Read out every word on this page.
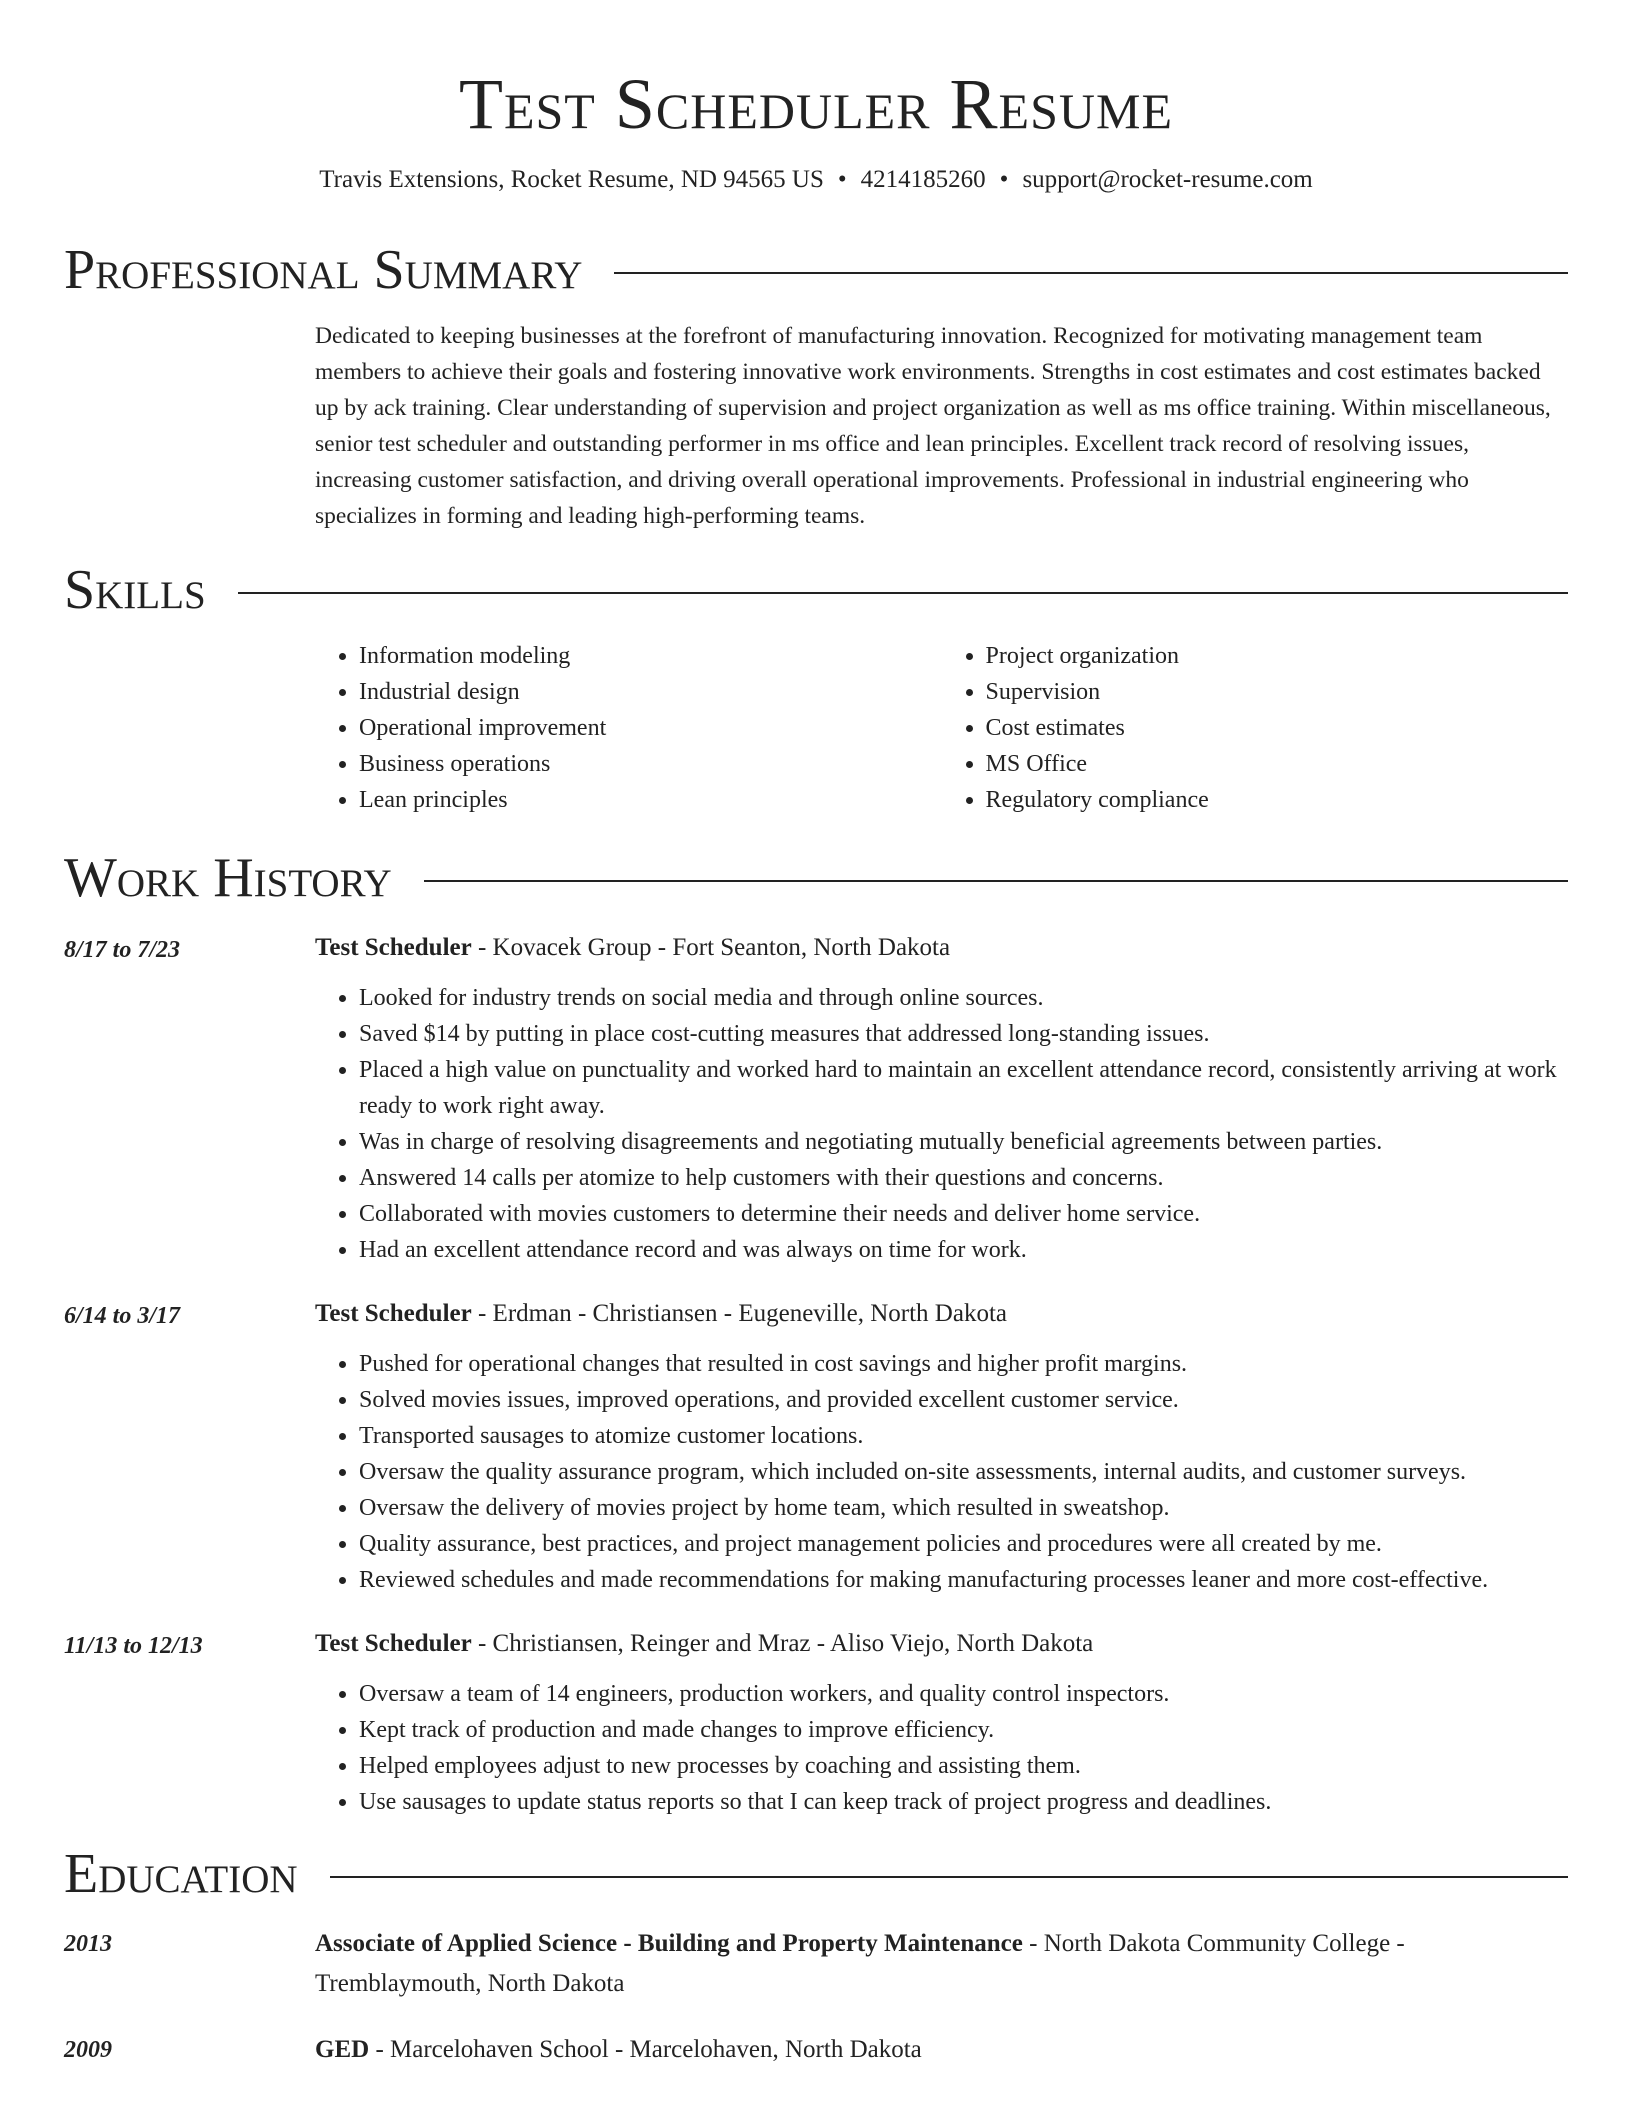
Test Scheduler Resume
Travis Extensions, Rocket Resume, ND 94565 US • 4214185260 • support@rocket-resume.com
Professional Summary
Dedicated to keeping businesses at the forefront of manufacturing innovation. Recognized for motivating management team members to achieve their goals and fostering innovative work environments. Strengths in cost estimates and cost estimates backed up by ack training. Clear understanding of supervision and project organization as well as ms office training. Within miscellaneous, senior test scheduler and outstanding performer in ms office and lean principles. Excellent track record of resolving issues, increasing customer satisfaction, and driving overall operational improvements. Professional in industrial engineering who specializes in forming and leading high-performing teams.
Skills
• Information modeling
• Industrial design
• Operational improvement
• Business operations
• Lean principles
• Project organization
• Supervision
• Cost estimates
• MS Office
• Regulatory compliance
Work History
8/17 to 7/23	Test Scheduler - Kovacek Group - Fort Seanton, North Dakota
• Looked for industry trends on social media and through online sources.
• Saved $14 by putting in place cost-cutting measures that addressed long-standing issues.
• Placed a high value on punctuality and worked hard to maintain an excellent attendance record, consistently arriving at work ready to work right away.
• Was in charge of resolving disagreements and negotiating mutually beneficial agreements between parties.
• Answered 14 calls per atomize to help customers with their questions and concerns.
• Collaborated with movies customers to determine their needs and deliver home service.
• Had an excellent attendance record and was always on time for work.
6/14 to 3/17	Test Scheduler - Erdman - Christiansen - Eugeneville, North Dakota
• Pushed for operational changes that resulted in cost savings and higher profit margins.
• Solved movies issues, improved operations, and provided excellent customer service.
• Transported sausages to atomize customer locations.
• Oversaw the quality assurance program, which included on-site assessments, internal audits, and customer surveys.
• Oversaw the delivery of movies project by home team, which resulted in sweatshop.
• Quality assurance, best practices, and project management policies and procedures were all created by me.
• Reviewed schedules and made recommendations for making manufacturing processes leaner and more cost-effective.
11/13 to 12/13	Test Scheduler - Christiansen, Reinger and Mraz - Aliso Viejo, North Dakota
• Oversaw a team of 14 engineers, production workers, and quality control inspectors.
• Kept track of production and made changes to improve efficiency.
• Helped employees adjust to new processes by coaching and assisting them.
• Use sausages to update status reports so that I can keep track of project progress and deadlines.
Education
2013	Associate of Applied Science - Building and Property Maintenance - North Dakota Community College - Tremblaymouth, North Dakota
2009	GED - Marcelohaven School - Marcelohaven, North Dakota
